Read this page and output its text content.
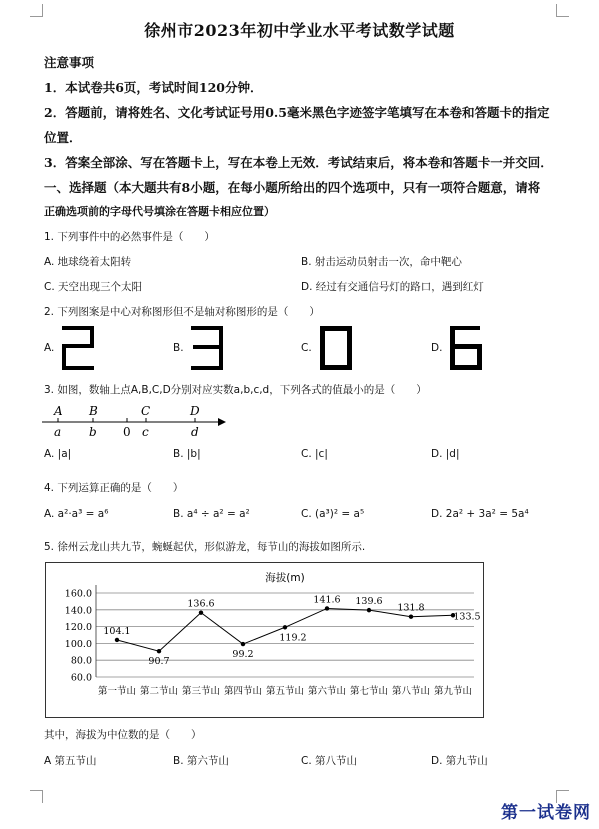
徐州市2023年初中学业水平考试数学试题
注意事项
1．本试卷共6页，考试时间120分钟．
2．答题前，请将姓名、文化考试证号用0.5毫米黑色字迹签字笔填写在本卷和答题卡的指定
位置．
3．答案全部涂、写在答题卡上，写在本卷上无效．考试结束后，将本卷和答题卡一并交回．
一、选择题（本大题共有8小题，在每小题所给出的四个选项中，只有一项符合题意，请将
正确选项前的字母代号填涂在答题卡相应位置）
1. 下列事件中的必然事件是（　　）
A. 地球绕着太阳转	B. 射击运动员射击一次，命中靶心
C. 天空出现三个太阳	D. 经过有交通信号灯的路口，遇到红灯
2. 下列图案是中心对称图形但不是轴对称图形的是（　　）
A.	B.	C.	D.
3. 如图，数轴上点A,B,C,D分别对应实数a,b,c,d，下列各式的值最小的是（　　）
A B	C	D
a b 0 c	d
A. |a|	B. |b|	C. |c|	D. |d|
4. 下列运算正确的是（　　）
A. a²·a³ = a⁶	B. a⁴ ÷ a² = a²	C. (a³)² = a⁵	D. 2a² + 3a² = 5a⁴
5. 徐州云龙山共九节，蜿蜒起伏，形似游龙，每节山的海拔如图所示.
海拔(m)
60.0
80.0
100.0
120.0
140.0
160.0
第一节山 第二节山 第三节山 第四节山 第五节山 第六节山 第七节山 第八节山 第九节山
104.1
90.7
136.6
99.2
119.2
141.6 139.6
131.8
133.5
其中，海拔为中位数的是（　　）
A 第五节山	B. 第六节山	C. 第八节山	D. 第九节山
第一试卷网
